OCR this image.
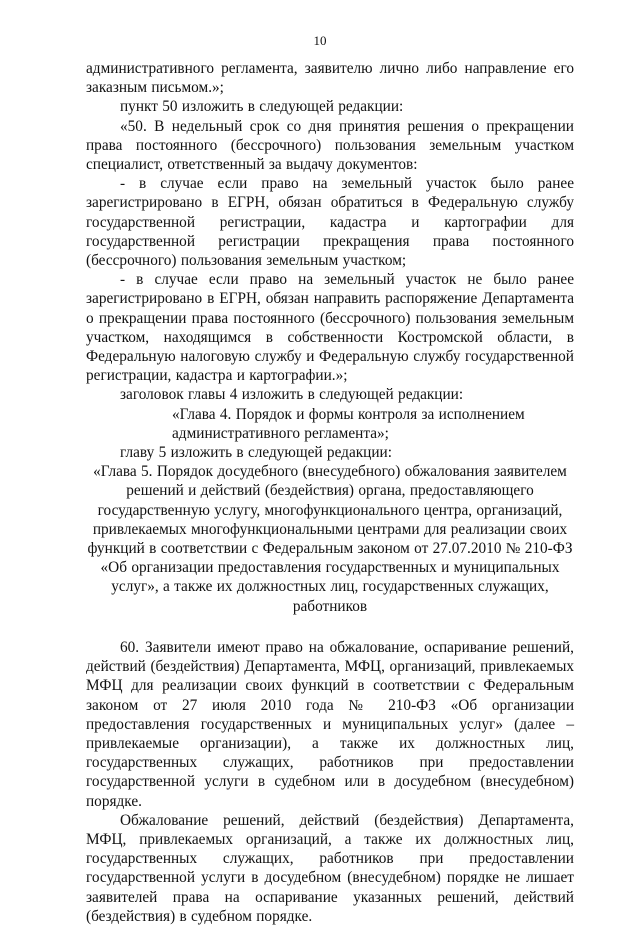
10

административного регламента, заявителю лично либо направление его заказным письмом.»;

пункт 50 изложить в следующей редакции:

«50. В недельный срок со дня принятия решения о прекращении права постоянного (бессрочного) пользования земельным участком специалист, ответственный за выдачу документов:

- в случае если право на земельный участок было ранее зарегистрировано в ЕГРН, обязан обратиться в Федеральную службу государственной регистрации, кадастра и картографии для государственной регистрации прекращения права постоянного (бессрочного) пользования земельным участком;

- в случае если право на земельный участок не было ранее зарегистрировано в ЕГРН, обязан направить распоряжение Департамента о прекращении права постоянного (бессрочного) пользования земельным участком, находящимся в собственности Костромской области, в Федеральную налоговую службу и Федеральную службу государственной регистрации, кадастра и картографии.»;

заголовок главы 4 изложить в следующей редакции:

«Глава 4. Порядок и формы контроля за исполнением административного регламента»;

главу 5 изложить в следующей редакции:

«Глава 5. Порядок досудебного (внесудебного) обжалования заявителем решений и действий (бездействия) органа, предоставляющего государственную услугу, многофункционального центра, организаций, привлекаемых многофункциональными центрами для реализации своих функций в соответствии с Федеральным законом от 27.07.2010 № 210-ФЗ «Об организации предоставления государственных и муниципальных услуг», а также их должностных лиц, государственных служащих, работников

60. Заявители имеют право на обжалование, оспаривание решений, действий (бездействия) Департамента, МФЦ, организаций, привлекаемых МФЦ для реализации своих функций в соответствии с Федеральным законом от 27 июля 2010 года № 210-ФЗ «Об организации предоставления государственных и муниципальных услуг» (далее – привлекаемые организации), а также их должностных лиц, государственных служащих, работников при предоставлении государственной услуги в судебном или в досудебном (внесудебном) порядке.

Обжалование решений, действий (бездействия) Департамента, МФЦ, привлекаемых организаций, а также их должностных лиц, государственных служащих, работников при предоставлении государственной услуги в досудебном (внесудебном) порядке не лишает заявителей права на оспаривание указанных решений, действий (бездействия) в судебном порядке.
